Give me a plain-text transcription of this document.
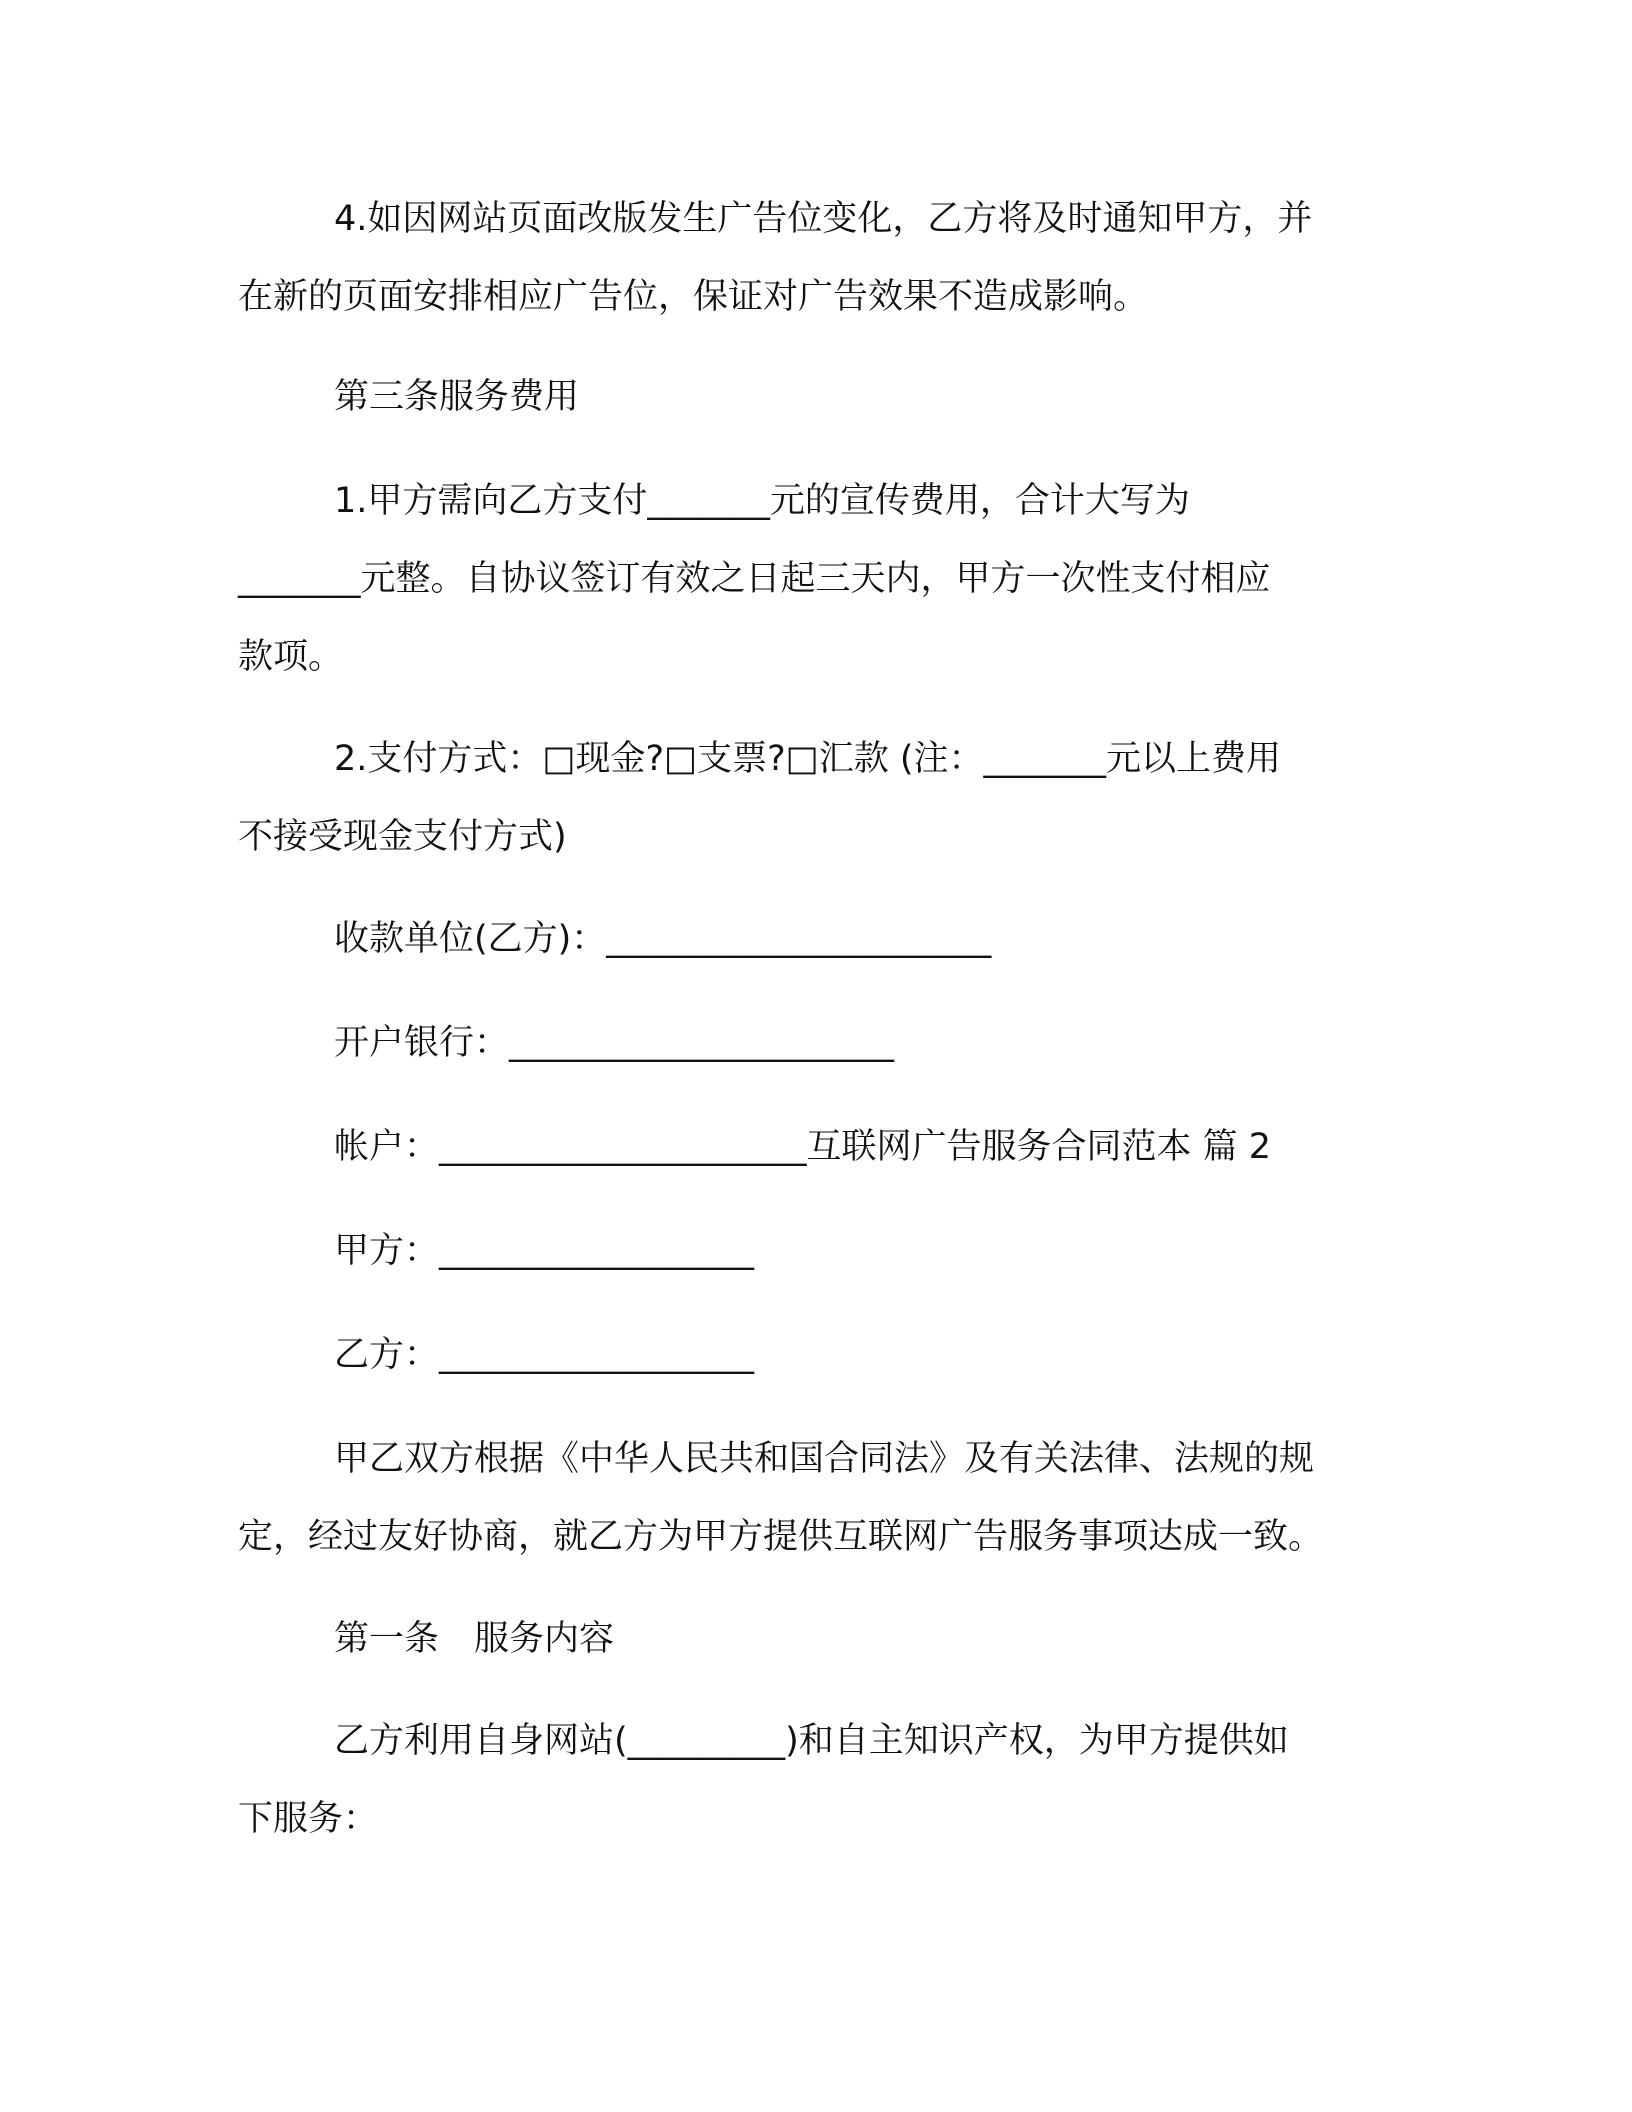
4.如因网站页面改版发生广告位变化，乙方将及时通知甲方，并
在新的页面安排相应广告位，保证对广告效果不造成影响。
第三条服务费用
1.甲方需向乙方支付_______元的宣传费用，合计大写为
_______元整。自协议签订有效之日起三天内，甲方一次性支付相应
款项。
2.支付方式：□现金?□支票?□汇款 (注：_______元以上费用
不接受现金支付方式)
收款单位(乙方)：______________________
开户银行：______________________
帐户：_____________________互联网广告服务合同范本 篇 2
甲方：__________________
乙方：__________________
甲乙双方根据《中华人民共和国合同法》及有关法律、法规的规
定，经过友好协商，就乙方为甲方提供互联网广告服务事项达成一致。
第一条　服务内容
乙方利用自身网站(_________)和自主知识产权，为甲方提供如
下服务：
